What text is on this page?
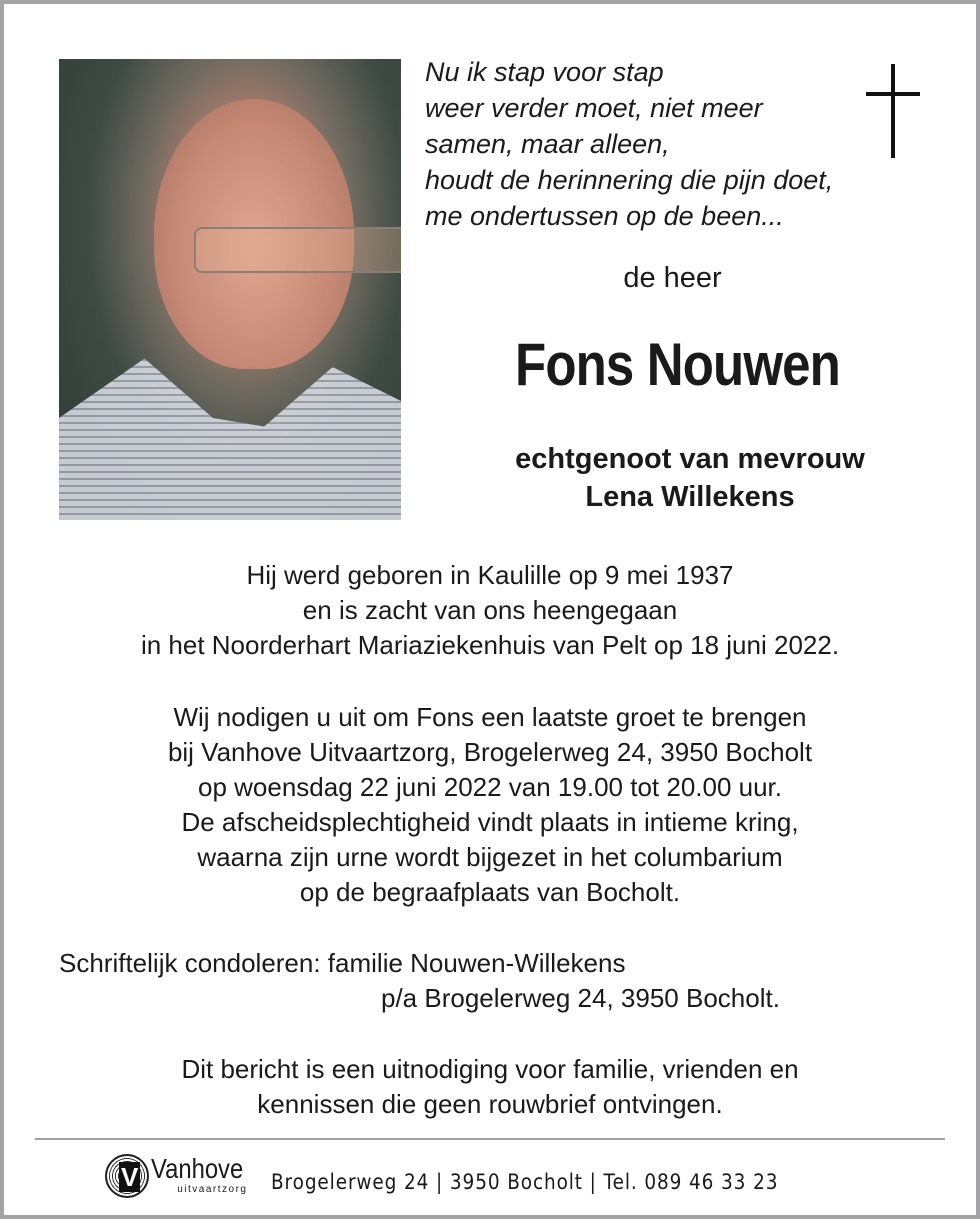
Nu ik stap voor stap
weer verder moet, niet meer
samen, maar alleen,
houdt de herinnering die pijn doet,
me ondertussen op de been...
de heer
Fons Nouwen
echtgenoot van mevrouw
Lena Willekens
Hij werd geboren in Kaulille op 9 mei 1937
en is zacht van ons heengegaan
in het Noorderhart Mariaziekenhuis van Pelt op 18 juni 2022.
Wij nodigen u uit om Fons een laatste groet te brengen
bij Vanhove Uitvaartzorg, Brogelerweg 24, 3950 Bocholt
op woensdag 22 juni 2022 van 19.00 tot 20.00 uur.
De afscheidsplechtigheid vindt plaats in intieme kring,
waarna zijn urne wordt bijgezet in het columbarium
op de begraafplaats van Bocholt.
Schriftelijk condoleren: familie Nouwen-Willekens
p/a Brogelerweg 24, 3950 Bocholt.
Dit bericht is een uitnodiging voor familie, vrienden en
kennissen die geen rouwbrief ontvingen.
V Vanhove
uitvaartzorg Brogelerweg 24 | 3950 Bocholt | Tel. 089 46 33 23
